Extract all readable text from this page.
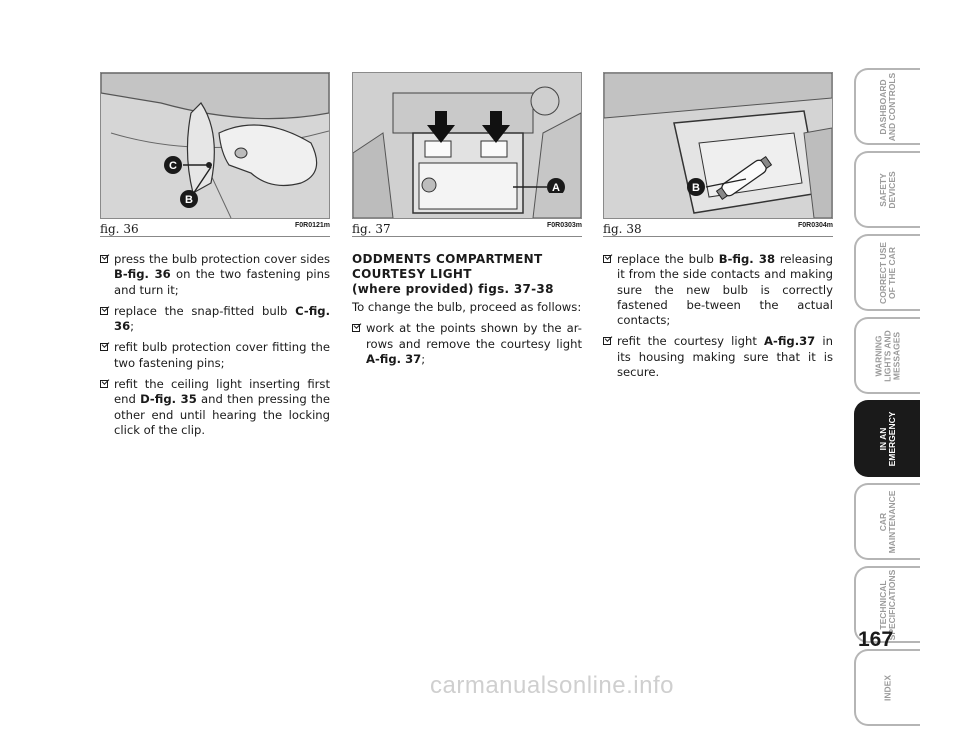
C
B
fig. 36	F0R0121m
A
fig. 37	F0R0303m
B
fig. 38	F0R0304m
press the bulb protection cover sides B-fig. 36 on the two fastening pins and turn it;
replace the snap-fitted bulb C-fig. 36;
refit bulb protection cover fitting the two fastening pins;
refit the ceiling light inserting first end D-fig. 35 and then pressing the other end until hearing the locking click of the clip.
ODDMENTS COMPARTMENT
COURTESY LIGHT
(where provided) figs. 37-38
To change the bulb, proceed as follows:
work at the points shown by the ar-rows and remove the courtesy light A-fig. 37;
replace the bulb B-fig. 38 releasing it from the side contacts and making sure the new bulb is correctly fastened be-tween the actual contacts;
refit the courtesy light A-fig.37 in its housing making sure that it is secure.
DASHBOARD AND CONTROLS
SAFETY DEVICES
CORRECT USE OF THE CAR
WARNING LIGHTS AND MESSAGES
IN AN EMERGENCY
CAR MAINTENANCE
TECHNICAL SPECIFICATIONS
INDEX
167
carmanualsonline.info
